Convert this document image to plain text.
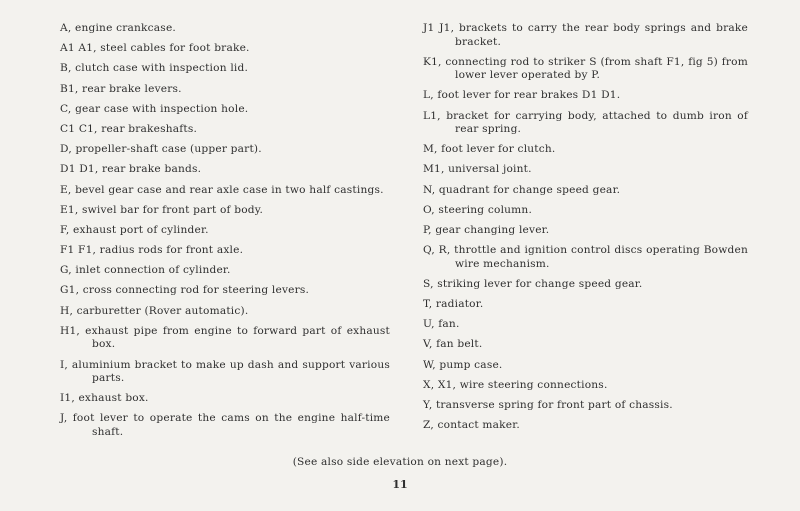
A, engine crankcase.

A1 A1, steel cables for foot brake.

B, clutch case with inspection lid.

B1, rear brake levers.

C, gear case with inspection hole.

C1 C1, rear brakeshafts.

D, propeller-shaft case (upper part).

D1 D1, rear brake bands.

E, bevel gear case and rear axle case in two half castings.

E1, swivel bar for front part of body.

F, exhaust port of cylinder.

F1 F1, radius rods for front axle.

G, inlet connection of cylinder.

G1, cross connecting rod for steering levers.

H, carburetter (Rover automatic).

H1, exhaust pipe from engine to forward part of exhaust box.

I, aluminium bracket to make up dash and support various parts.

I1, exhaust box.

J, foot lever to operate the cams on the engine half-time shaft.

J1 J1, brackets to carry the rear body springs and brake bracket.

K1, connecting rod to striker S (from shaft F1, fig 5) from lower lever operated by P.

L, foot lever for rear brakes D1 D1.

L1, bracket for carrying body, attached to dumb iron of rear spring.

M, foot lever for clutch.

M1, universal joint.

N, quadrant for change speed gear.

O, steering column.

P, gear changing lever.

Q, R, throttle and ignition control discs operating Bowden wire mechanism.

S, striking lever for change speed gear.

T, radiator.

U, fan.

V, fan belt.

W, pump case.

X, X1, wire steering connections.

Y, transverse spring for front part of chassis.

Z, contact maker.

(See also side elevation on next page).
11
